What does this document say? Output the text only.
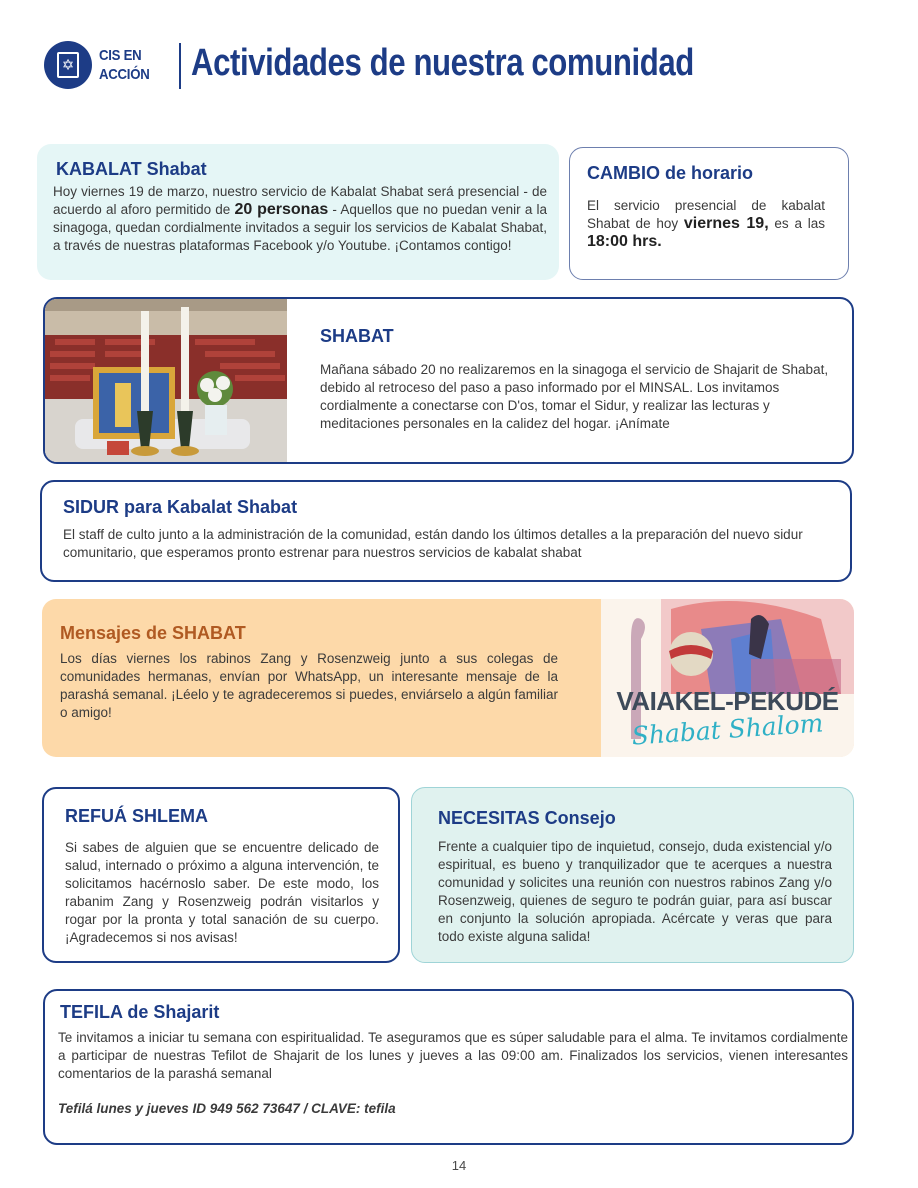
✡
CIS EN
ACCIÓN Actividades de nuestra comunidad
KABALAT Shabat
Hoy viernes 19 de marzo, nuestro servicio de Kabalat Shabat será presencial - de acuerdo al aforo permitido de 20 personas - Aquellos que no puedan venir a la sinagoga, quedan cordialmente invitados a seguir los servicios de Kabalat Shabat, a través de nuestras plataformas Facebook y/o Youtube. ¡Contamos contigo!
CAMBIO de horario
El servicio presencial de kabalat Shabat de hoy viernes 19, es a las 18:00 hrs.
SHABAT
Mañana sábado 20 no realizaremos en la sinagoga el servicio de Shajarit de Shabat, debido al retroceso del paso a paso informado por el MINSAL. Los invitamos cordialmente a conectarse con D'os, tomar el Sidur, y realizar las lecturas y meditaciones personales en la calidez del hogar. ¡Anímate
SIDUR para Kabalat Shabat
El staff de culto junto a la administración de la comunidad, están dando los últimos detalles a la preparación del nuevo sidur comunitario, que esperamos pronto estrenar para nuestros servicios de kabalat shabat
Mensajes de SHABAT
Los días viernes los rabinos Zang y Rosenzweig junto a sus colegas de comunidades hermanas, envían por WhatsApp, un interesante mensaje de la parashá semanal. ¡Léelo y te agradeceremos si puedes, enviárselo a algún familiar o amigo!	VAIAKEL-PEKUDÉ
Shabat Shalom
REFUÁ SHLEMA
Si sabes de alguien que se encuentre delicado de salud, internado o próximo a alguna intervención, te solicitamos hacérnoslo saber. De este modo, los rabanim Zang y Rosenzweig podrán visitarlos y rogar por la pronta y total sanación de su cuerpo. ¡Agradecemos si nos avisas!
NECESITAS Consejo
Frente a cualquier tipo de inquietud, consejo, duda existencial y/o espiritual, es bueno y tranquilizador que te acerques a nuestra comunidad y solicites una reunión con nuestros rabinos Zang y/o Rosenzweig, quienes de seguro te podrán guiar, para así buscar en conjunto la solución apropiada. Acércate y veras que para todo existe alguna salida!
TEFILA de Shajarit
Te invitamos a iniciar tu semana con espiritualidad. Te aseguramos que es súper saludable para el alma. Te invitamos cordialmente a participar de nuestras Tefilot de Shajarit de los lunes y jueves a las 09:00 am. Finalizados los servicios, vienen interesantes comentarios de la parashá semanal
Tefilá lunes y jueves ID 949 562 73647 / CLAVE: tefila
14
